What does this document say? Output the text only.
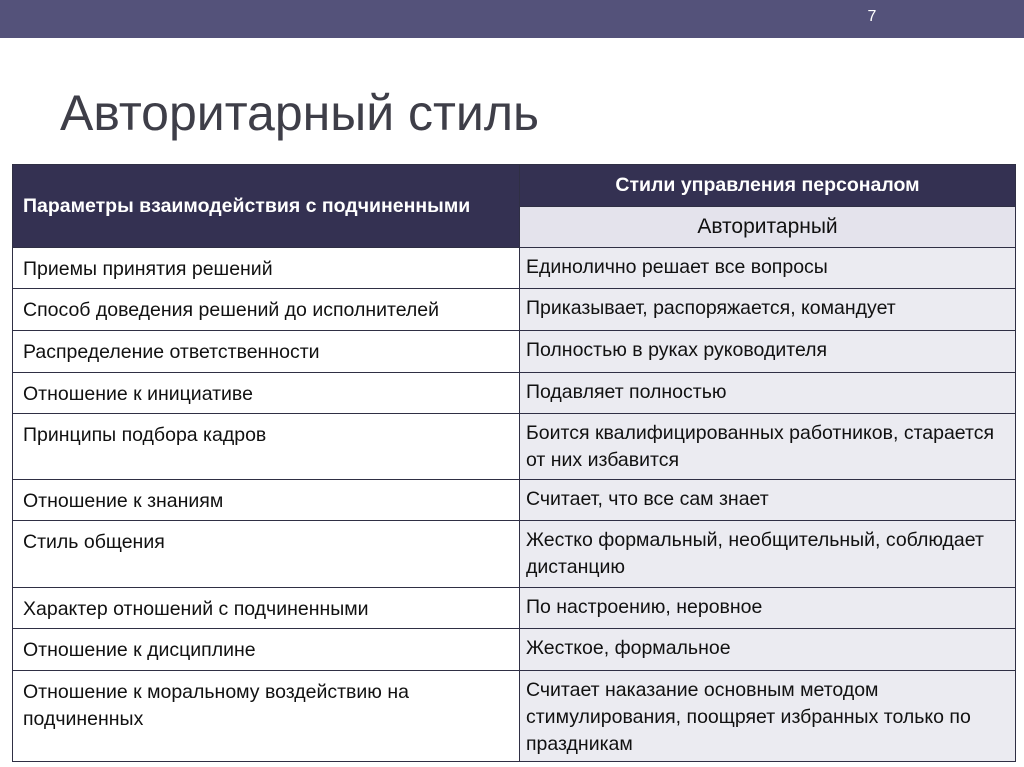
7
Авторитарный стиль
Параметры взаимодействия с подчиненными	Стили управления персоналом
	Авторитарный
Приемы принятия решений	Единолично решает все вопросы
Способ доведения решений до исполнителей	Приказывает, распоряжается, командует
Распределение ответственности	Полностью в руках руководителя
Отношение к инициативе	Подавляет полностью
Принципы подбора кадров	Боится квалифицированных работников, старается от них избавится
Отношение к знаниям	Считает, что все сам знает
Стиль общения	Жестко формальный, необщительный, соблюдает дистанцию
Характер отношений с подчиненными	По настроению, неровное
Отношение к дисциплине	Жесткое, формальное
Отношение к моральному воздействию на подчиненных	Считает наказание основным методом стимулирования, поощряет избранных только по праздникам
